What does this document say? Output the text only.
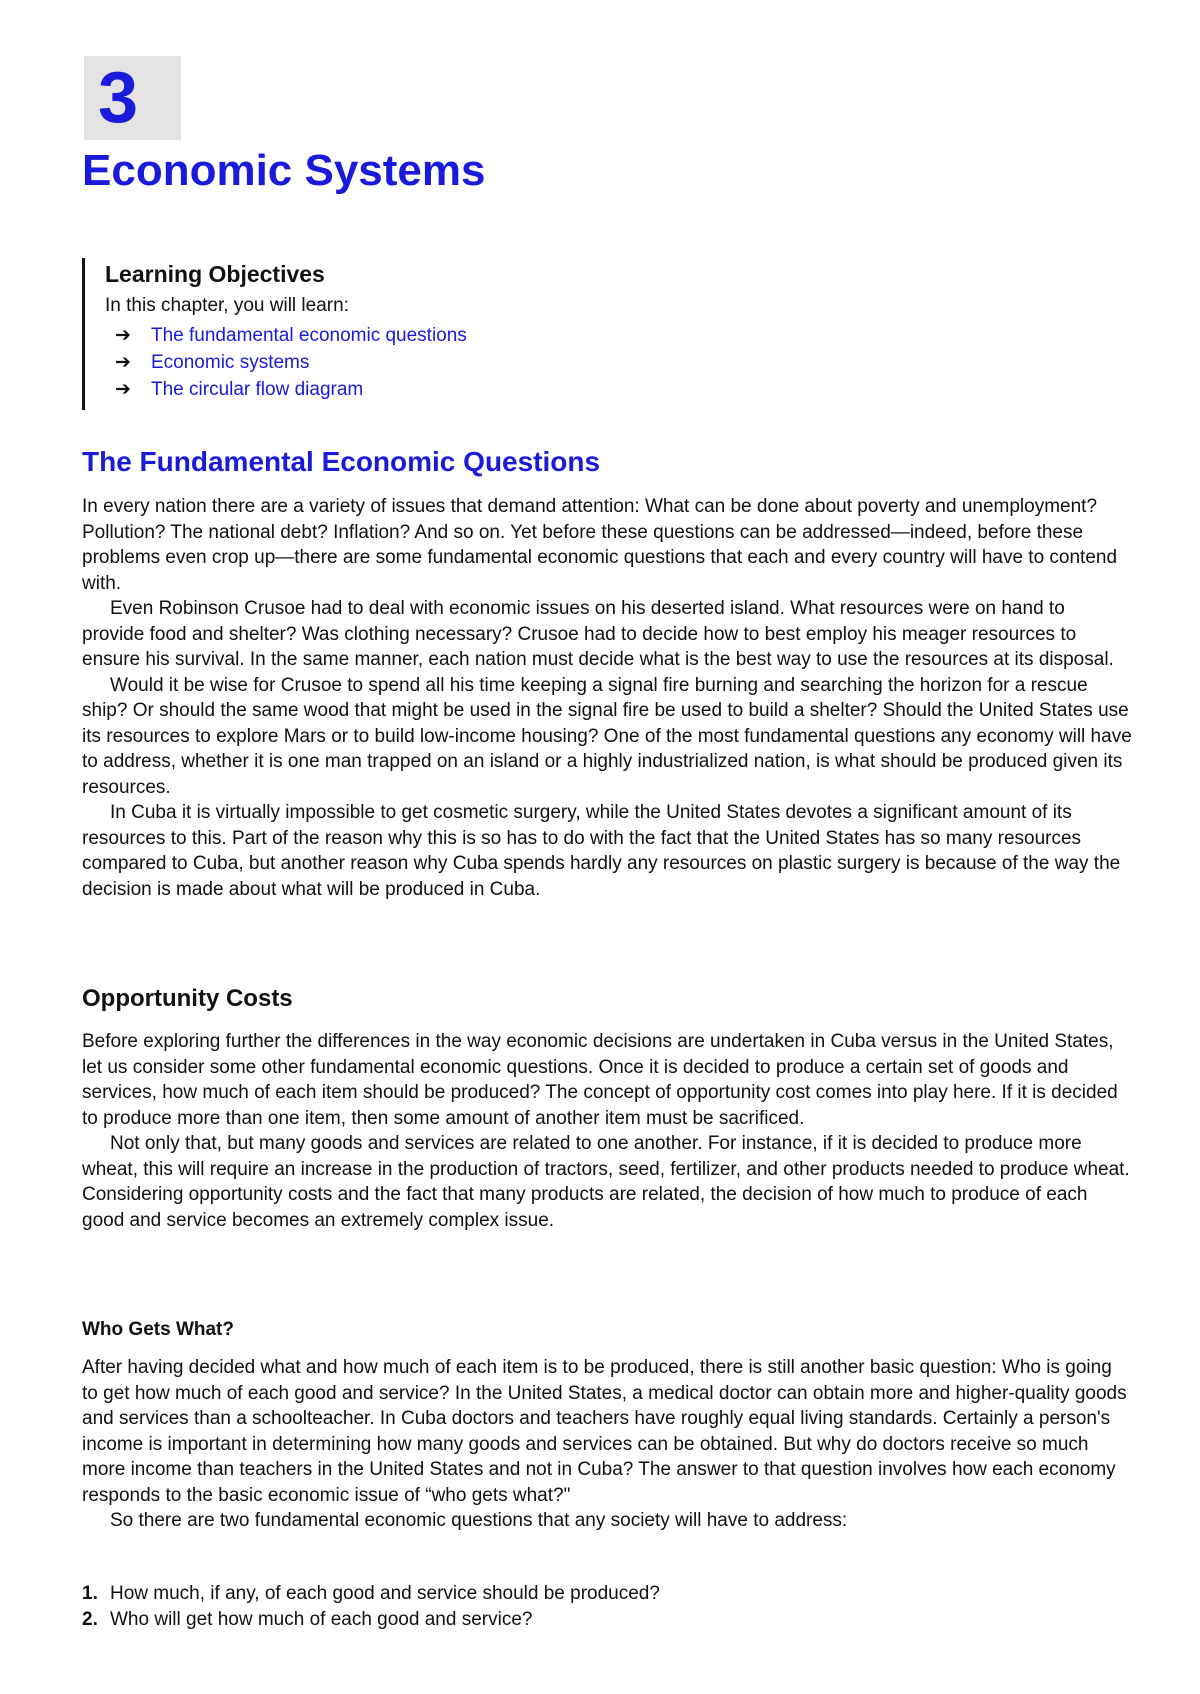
3
Economic Systems
Learning Objectives

In this chapter, you will learn:

➔ The fundamental economic questions
➔ Economic systems
➔ The circular flow diagram
The Fundamental Economic Questions

In every nation there are a variety of issues that demand attention: What can be done about poverty and unemployment? Pollution? The national debt? Inflation? And so on. Yet before these questions can be addressed—indeed, before these problems even crop up—there are some fundamental economic questions that each and every country will have to contend with.

Even Robinson Crusoe had to deal with economic issues on his deserted island. What resources were on hand to provide food and shelter? Was clothing necessary? Crusoe had to decide how to best employ his meager resources to ensure his survival. In the same manner, each nation must decide what is the best way to use the resources at its disposal.

Would it be wise for Crusoe to spend all his time keeping a signal fire burning and searching the horizon for a rescue ship? Or should the same wood that might be used in the signal fire be used to build a shelter? Should the United States use its resources to explore Mars or to build low-income housing? One of the most fundamental questions any economy will have to address, whether it is one man trapped on an island or a highly industrialized nation, is what should be produced given its resources.

In Cuba it is virtually impossible to get cosmetic surgery, while the United States devotes a significant amount of its resources to this. Part of the reason why this is so has to do with the fact that the United States has so many resources compared to Cuba, but another reason why Cuba spends hardly any resources on plastic surgery is because of the way the decision is made about what will be produced in Cuba.

Opportunity Costs

Before exploring further the differences in the way economic decisions are undertaken in Cuba versus in the United States, let us consider some other fundamental economic questions. Once it is decided to produce a certain set of goods and services, how much of each item should be produced? The concept of opportunity cost comes into play here. If it is decided to produce more than one item, then some amount of another item must be sacrificed.

Not only that, but many goods and services are related to one another. For instance, if it is decided to produce more wheat, this will require an increase in the production of tractors, seed, fertilizer, and other products needed to produce wheat. Considering opportunity costs and the fact that many products are related, the decision of how much to produce of each good and service becomes an extremely complex issue.

Who Gets What?

After having decided what and how much of each item is to be produced, there is still another basic question: Who is going to get how much of each good and service? In the United States, a medical doctor can obtain more and higher-quality goods and services than a schoolteacher. In Cuba doctors and teachers have roughly equal living standards. Certainly a person's income is important in determining how many goods and services can be obtained. But why do doctors receive so much more income than teachers in the United States and not in Cuba? The answer to that question involves how each economy responds to the basic economic issue of “who gets what?"

So there are two fundamental economic questions that any society will have to address:

1. How much, if any, of each good and service should be produced?
2. Who will get how much of each good and service?
